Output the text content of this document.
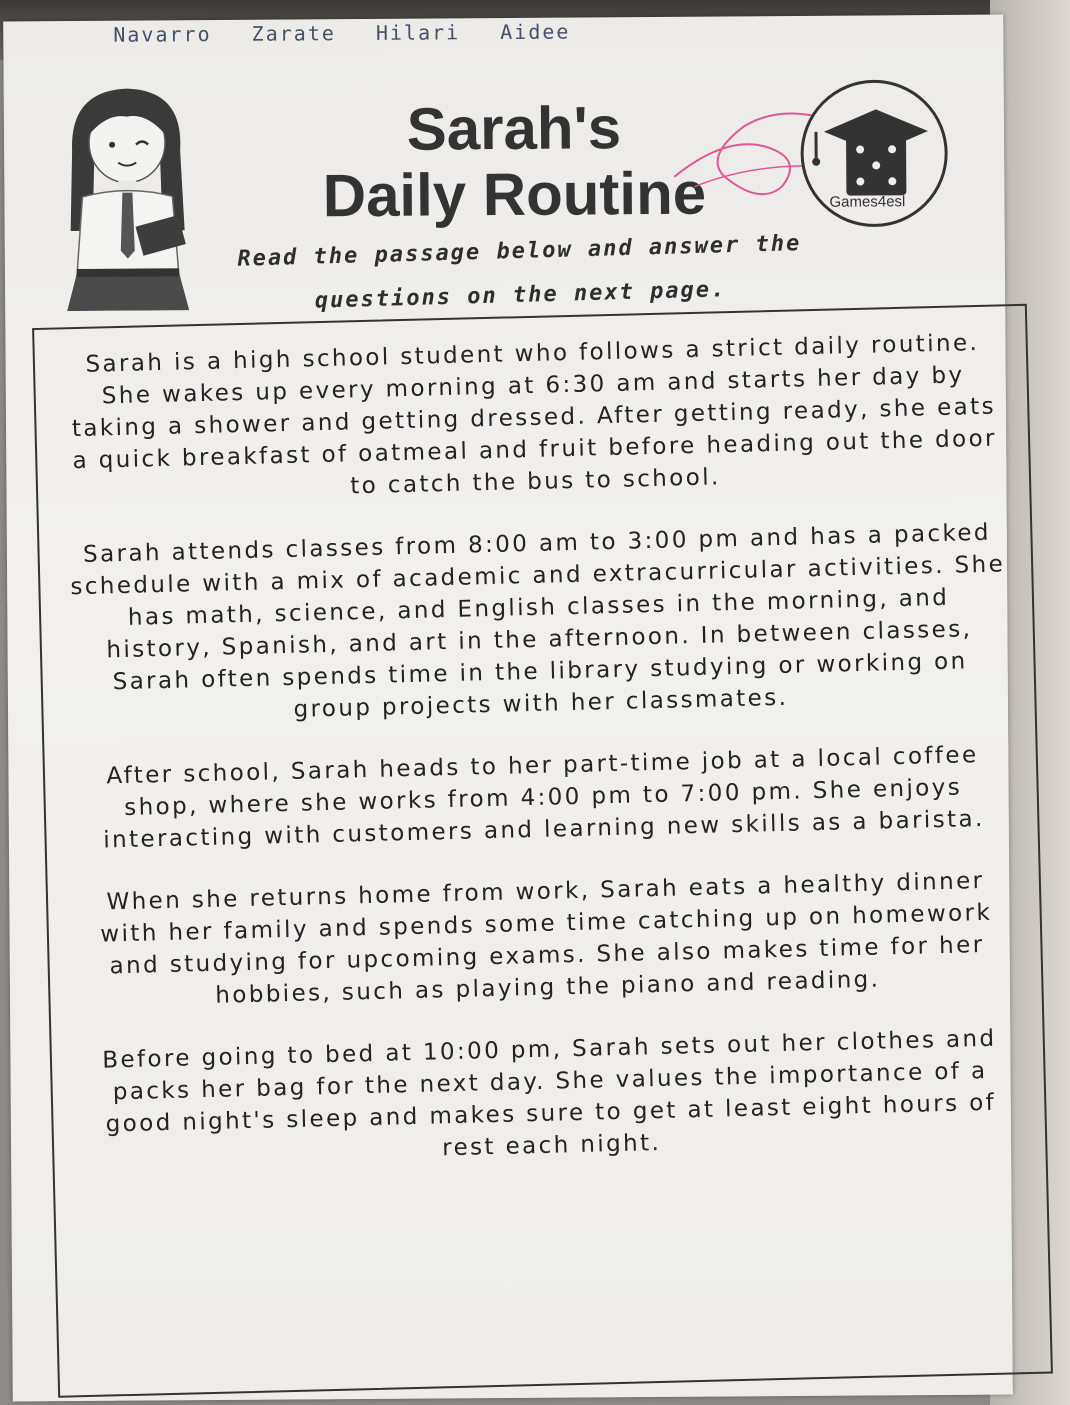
Navarro Zarate Hilari Aidee
Sarah's
Daily Routine	Games4esl
Read the passage below and answer the questions on the next page.

Sarah is a high school student who follows a strict daily routine. She wakes up every morning at 6:30 am and starts her day by taking a shower and getting dressed. After getting ready, she eats a quick breakfast of oatmeal and fruit before heading out the door to catch the bus to school.

Sarah attends classes from 8:00 am to 3:00 pm and has a packed schedule with a mix of academic and extracurricular activities. She has math, science, and English classes in the morning, and history, Spanish, and art in the afternoon. In between classes, Sarah often spends time in the library studying or working on group projects with her classmates.

After school, Sarah heads to her part-time job at a local coffee shop, where she works from 4:00 pm to 7:00 pm. She enjoys interacting with customers and learning new skills as a barista.

When she returns home from work, Sarah eats a healthy dinner with her family and spends some time catching up on homework and studying for upcoming exams. She also makes time for her hobbies, such as playing the piano and reading.

Before going to bed at 10:00 pm, Sarah sets out her clothes and packs her bag for the next day. She values the importance of a good night's sleep and makes sure to get at least eight hours of rest each night.
